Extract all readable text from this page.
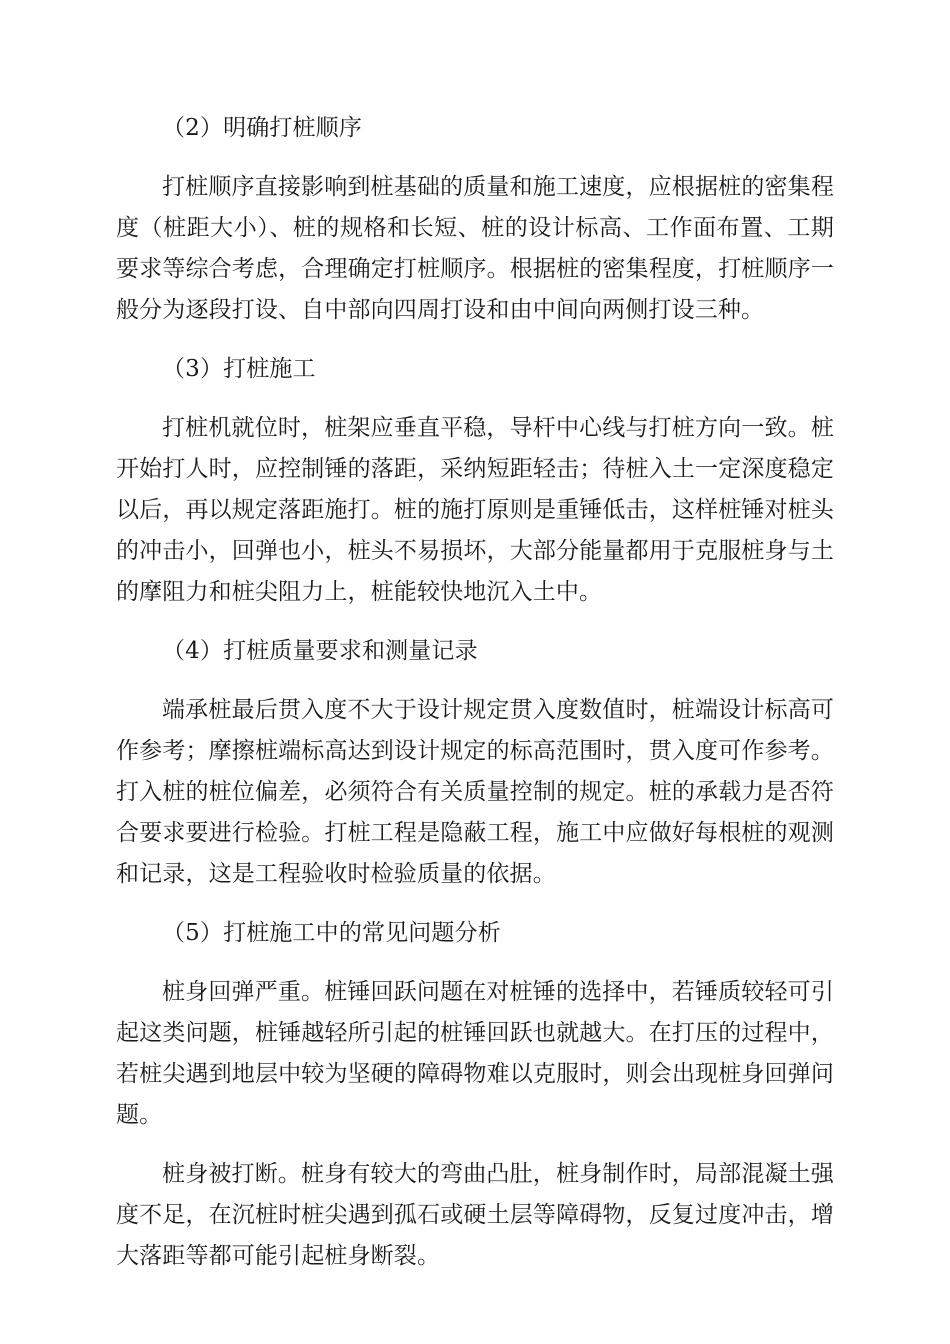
（2）明确打桩顺序

打桩顺序直接影响到桩基础的质量和施工速度，应根据桩的密集程度（桩距大小）、桩的规格和长短、桩的设计标高、工作面布置、工期要求等综合考虑，合理确定打桩顺序。根据桩的密集程度，打桩顺序一般分为逐段打设、自中部向四周打设和由中间向两侧打设三种。

（3）打桩施工

打桩机就位时，桩架应垂直平稳，导杆中心线与打桩方向一致。桩开始打人时，应控制锤的落距，采纳短距轻击；待桩入土一定深度稳定以后，再以规定落距施打。桩的施打原则是重锤低击，这样桩锤对桩头的冲击小，回弹也小，桩头不易损坏，大部分能量都用于克服桩身与土的摩阻力和桩尖阻力上，桩能较快地沉入土中。

（4）打桩质量要求和测量记录

端承桩最后贯入度不大于设计规定贯入度数值时，桩端设计标高可作参考；摩擦桩端标高达到设计规定的标高范围时，贯入度可作参考。打入桩的桩位偏差，必须符合有关质量控制的规定。桩的承载力是否符合要求要进行检验。打桩工程是隐蔽工程，施工中应做好每根桩的观测和记录，这是工程验收时检验质量的依据。

（5）打桩施工中的常见问题分析

桩身回弹严重。桩锤回跃问题在对桩锤的选择中，若锤质较轻可引起这类问题，桩锤越轻所引起的桩锤回跃也就越大。在打压的过程中，若桩尖遇到地层中较为坚硬的障碍物难以克服时，则会出现桩身回弹问题。

桩身被打断。桩身有较大的弯曲凸肚，桩身制作时，局部混凝土强度不足，在沉桩时桩尖遇到孤石或硬土层等障碍物，反复过度冲击，增大落距等都可能引起桩身断裂。
